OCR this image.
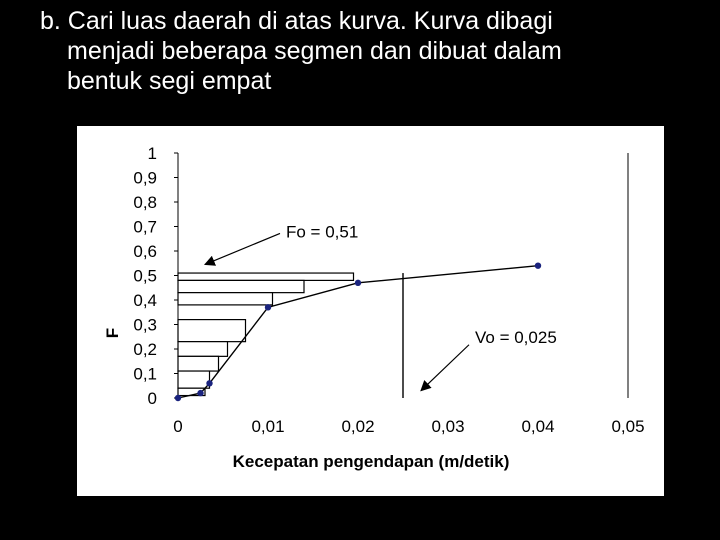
b. Cari luas daerah di atas kurva. Kurva dibagi
menjadi beberapa segmen dan dibuat dalam
bentuk segi empat
0
0,1
0,2
0,3
0,4
0,5
0,6
0,7
0,8
0,9
1
0	0,01	0,02	0,03	0,04	0,05
Fo = 0,51
Vo = 0,025
Kecepatan pengendapan (m/detik)
F
